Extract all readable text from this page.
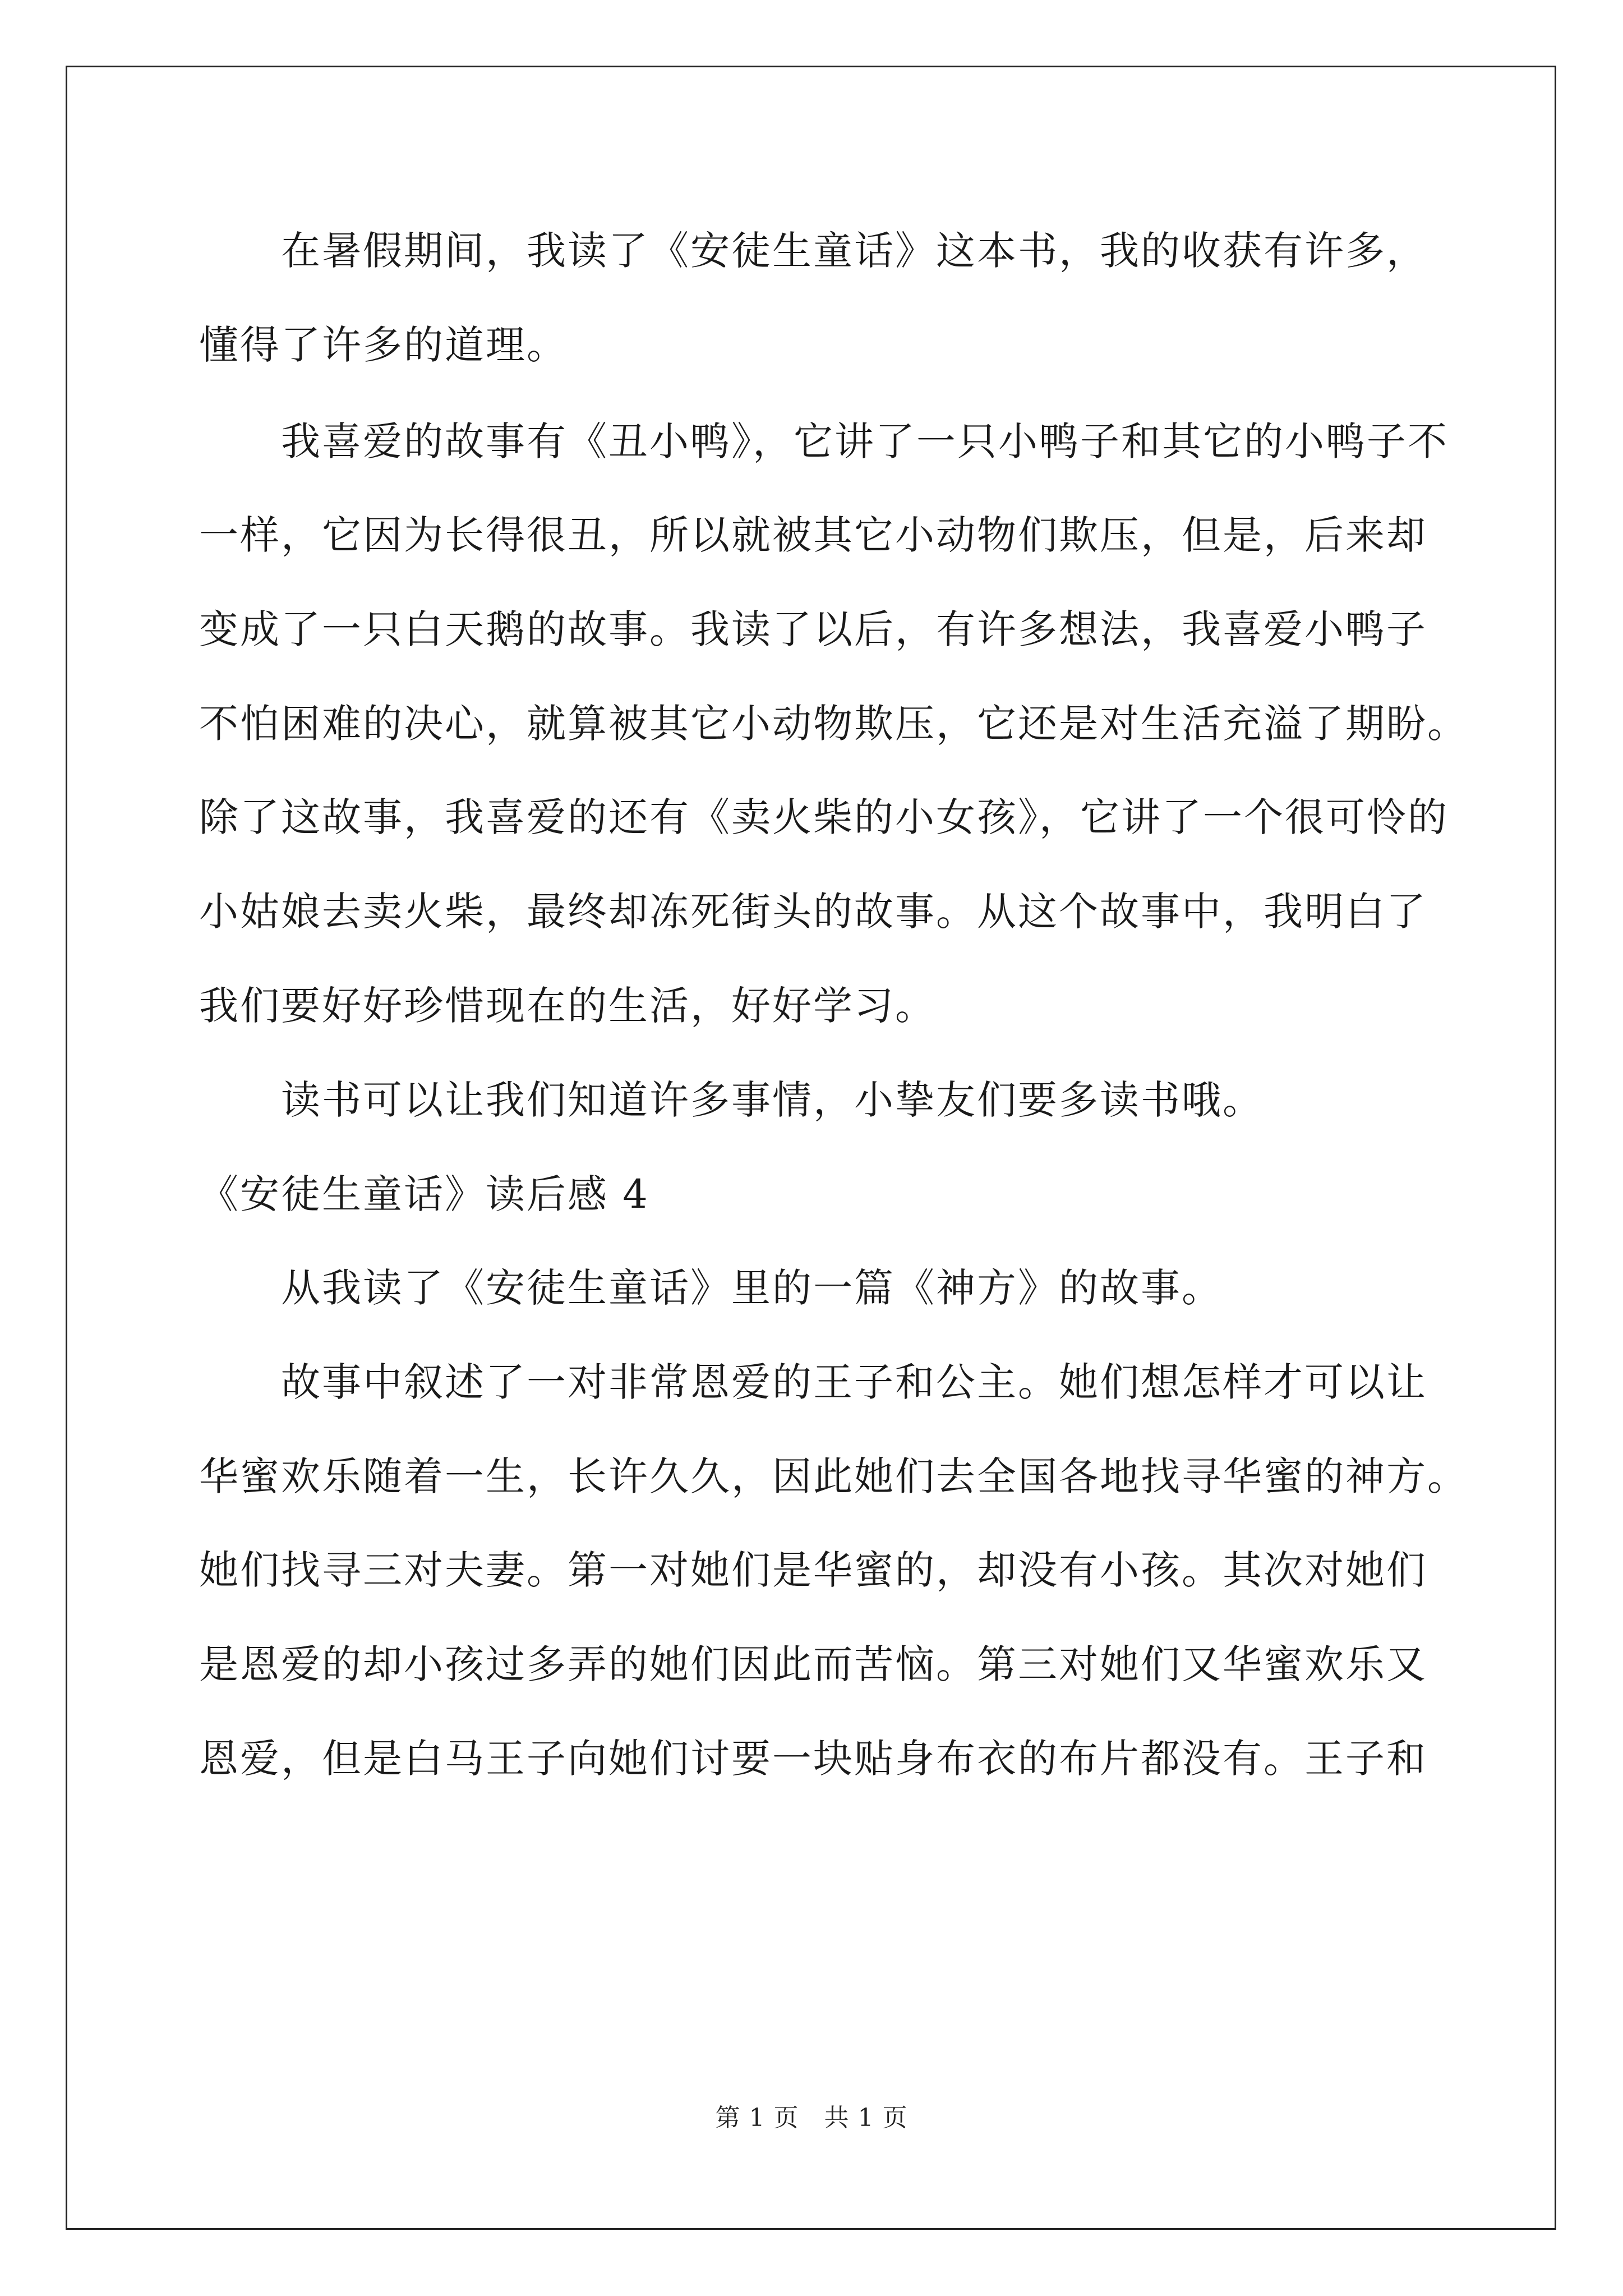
在暑假期间，我读了《安徒生童话》这本书，我的收获有许多，
懂得了许多的道理。
我喜爱的故事有《丑小鸭》，它讲了一只小鸭子和其它的小鸭子不
一样，它因为长得很丑，所以就被其它小动物们欺压，但是，后来却
变成了一只白天鹅的故事。我读了以后，有许多想法，我喜爱小鸭子
不怕困难的决心，就算被其它小动物欺压，它还是对生活充溢了期盼。
除了这故事，我喜爱的还有《卖火柴的小女孩》，它讲了一个很可怜的
小姑娘去卖火柴，最终却冻死街头的故事。从这个故事中，我明白了
我们要好好珍惜现在的生活，好好学习。
读书可以让我们知道许多事情，小挚友们要多读书哦。
《安徒生童话》读后感 4
从我读了《安徒生童话》里的一篇《神方》的故事。
故事中叙述了一对非常恩爱的王子和公主。她们想怎样才可以让
华蜜欢乐随着一生，长许久久，因此她们去全国各地找寻华蜜的神方。
她们找寻三对夫妻。第一对她们是华蜜的，却没有小孩。其次对她们
是恩爱的却小孩过多弄的她们因此而苦恼。第三对她们又华蜜欢乐又
恩爱，但是白马王子向她们讨要一块贴身布衣的布片都没有。王子和
第 1 页　共 1 页
